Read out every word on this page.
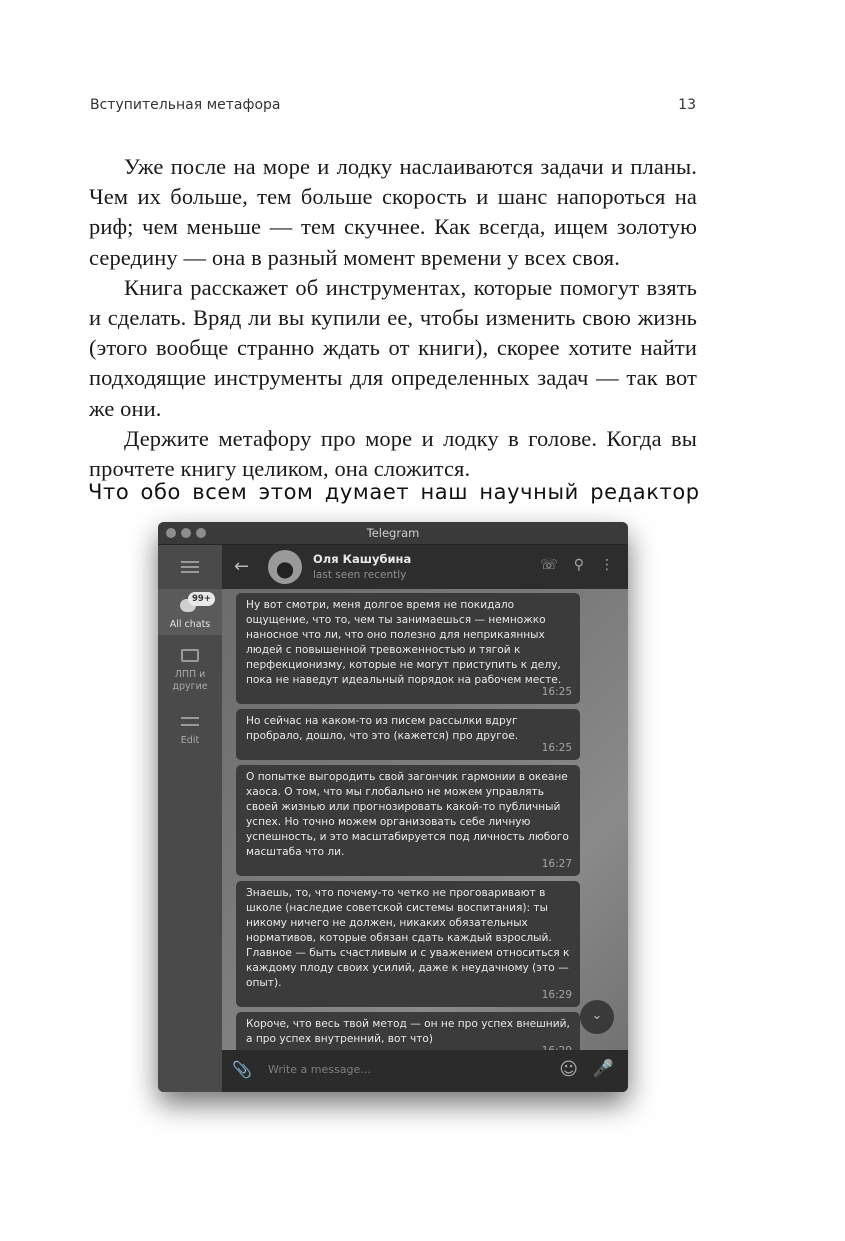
Вступительная метафора	13

Уже после на море и лодку наслаиваются задачи и планы. Чем их больше, тем больше скорость и шанс напороться на риф; чем меньше — тем скучнее. Как всегда, ищем золотую середину — она в разный момент времени у всех своя.

Книга расскажет об инструментах, которые помогут взять и сделать. Вряд ли вы купили ее, чтобы изменить свою жизнь (этого вообще странно ждать от книги), скорее хотите найти подходящие инструменты для определенных задач — так вот же они.

Держите метафору про море и лодку в голове. Когда вы прочтете книгу целиком, она сложится.

Что обо всем этом думает наш научный редактор
Telegram
99+
All chats
ЛПП и другие
Edit
←	Оля Кашубина
last seen recently
☏ ⚲ ⋮
Ну вот смотри, меня долгое время не покидало ощущение, что то, чем ты занимаешься — немножко наносное что ли, что оно полезно для неприкаянных людей с повышенной тревоженностью и тягой к перфекционизму, которые не могут приступить к делу, пока не наведут идеальный порядок на рабочем месте.
16:25
Но сейчас на каком-то из писем рассылки вдруг пробрало, дошло, что это (кажется) про другое.
16:25
О попытке выгородить свой загончик гармонии в океане хаоса. О том, что мы глобально не можем управлять своей жизнью или прогнозировать какой-то публичный успех. Но точно можем организовать себе личную успешность, и это масштабируется под личность любого масштаба что ли.
16:27
Знаешь, то, что почему-то четко не проговаривают в школе (наследие советской системы воспитания): ты никому ничего не должен, никаких обязательных нормативов, которые обязан сдать каждый взрослый. Главное — быть счастливым и с уважением относиться к каждому плоду своих усилий, даже к неудачному (это — опыт).
16:29
Короче, что весь твой метод — он не про успех внешний, а про успех внутренний, вот что)
⌄
📎 Write a message...	☺ 🎤
